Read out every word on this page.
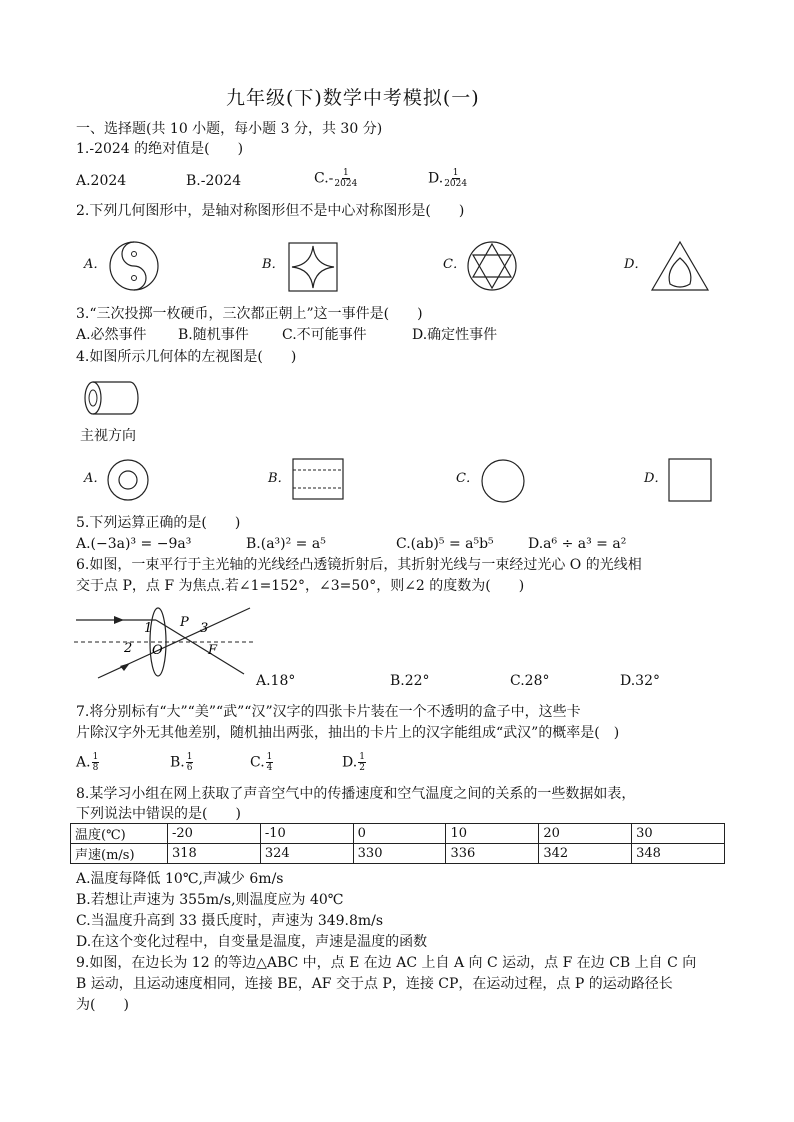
九年级(下)数学中考模拟(一)
一、选择题(共 10 小题，每小题 3 分，共 30 分)
1.-2024 的绝对值是(　　)
A.2024	B.-2024	$C.- \frac{1}{2024}$	D. $\frac{1}{2024}$
2.下列几何图形中，是轴对称图形但不是中心对称图形是(　　)
A．	B．	C．	D．
3.“三次投掷一枚硬币，三次都正朝上”这一事件是(　　)
A.必然事件 B.随机事件 C.不可能事件	D.确定性事件
4.如图所示几何体的左视图是(　　)
主视方向
A．	B．	C．	D．
5.下列运算正确的是(　　)
A.(−3a)³ = −9a³	B.(a³)² = a⁵	C.(ab)⁵ = a⁵b⁵ D.a⁶ ÷ a³ = a²
6.如图，一束平行于主光轴的光线经凸透镜折射后，其折射光线与一束经过光心 O 的光线相
交于点 P，点 F 为焦点.若∠1=152°，∠3=50°，则∠2 的度数为(　　)
1
2
3
P
O	F
A.18°	B.22°	C.28°	D.32°
7.将分别标有“大”“美”“武”“汉”汉字的四张卡片装在一个不透明的盒子中，这些卡
片除汉字外无其他差别，随机抽出两张，抽出的卡片上的汉字能组成“武汉”的概率是(　)
A. $\frac{1}{8}$	B. $\frac{1}{6}$	C. $\frac{1}{4}$	D. $\frac{1}{2}$
8.某学习小组在网上获取了声音空气中的传播速度和空气温度之间的关系的一些数据如表，
下列说法中错误的是(　　)
温度(℃)	-20	-10	0	10	20	30
声速(m/s)	318	324	330	336	342	348
A.温度每降低 10℃,声减少 6m/s
B.若想让声速为 355m/s,则温度应为 40℃
C.当温度升高到 33 摄氏度时，声速为 349.8m/s
D.在这个变化过程中，自变量是温度，声速是温度的函数
9.如图，在边长为 12 的等边△ABC 中，点 E 在边 AC 上自 A 向 C 运动，点 F 在边 CB 上自 C 向
B 运动，且运动速度相同，连接 BE，AF 交于点 P，连接 CP，在运动过程，点 P 的运动路径长
为(　　)
